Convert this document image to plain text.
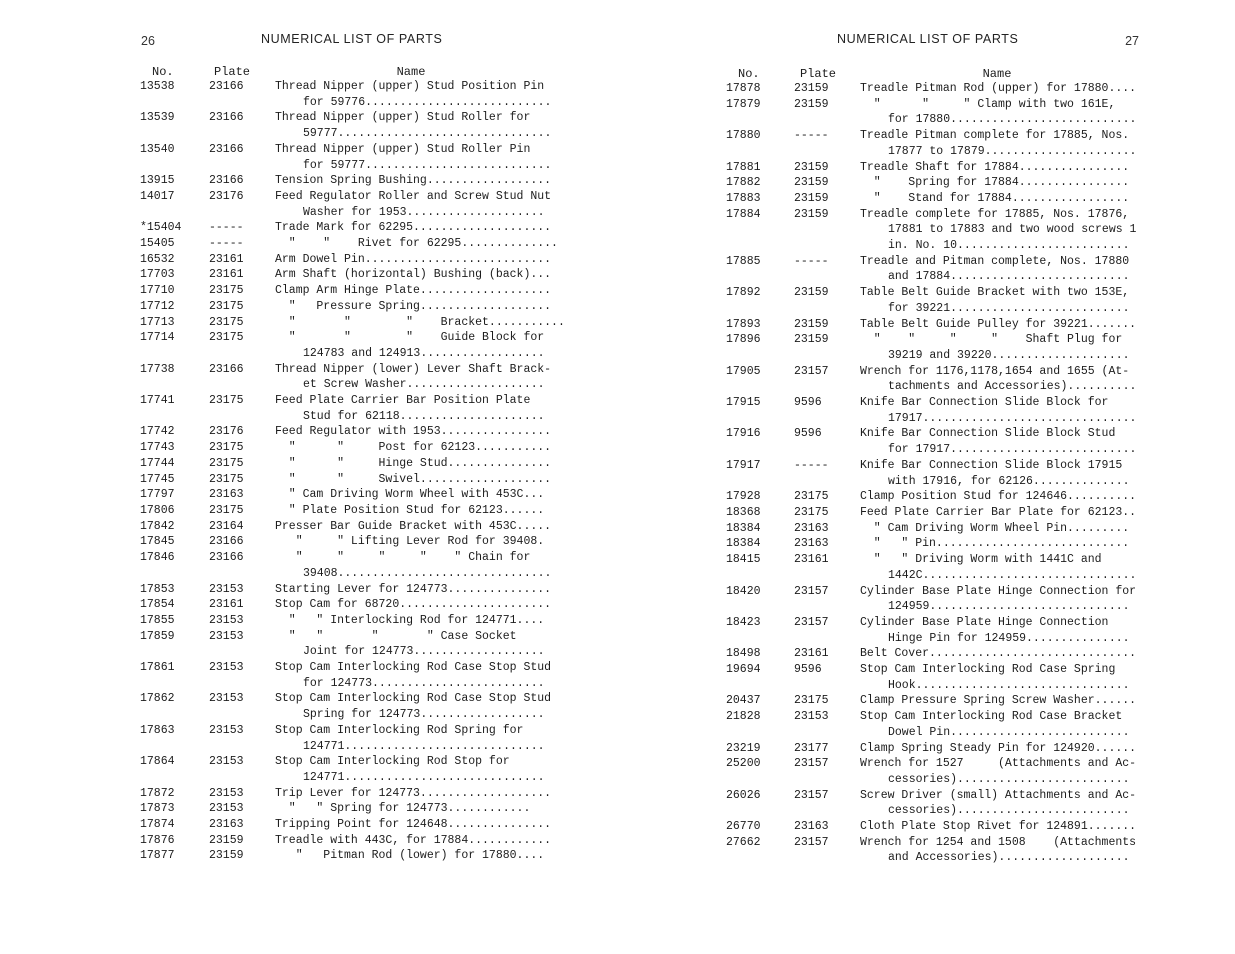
26	NUMERICAL LIST OF PARTS
No.	Plate	Name
13538	23166	Thread Nipper (upper) Stud Position Pin
for 59776...........................
13539	23166	Thread Nipper (upper) Stud Roller for
59777...............................
13540	23166	Thread Nipper (upper) Stud Roller Pin
for 59777...........................
13915	23166	Tension Spring Bushing..................
14017	23176	Feed Regulator Roller and Screw Stud Nut
Washer for 1953....................
*15404	-----	Trade Mark for 62295....................
15405	-----	"    "    Rivet for 62295..............
16532	23161	Arm Dowel Pin...........................
17703	23161	Arm Shaft (horizontal) Bushing (back)...
17710	23175	Clamp Arm Hinge Plate...................
17712	23175	"   Pressure Spring...................
17713	23175	"       "        "    Bracket...........
17714	23175	"       "        "    Guide Block for
124783 and 124913..................
17738	23166	Thread Nipper (lower) Lever Shaft Brack-
et Screw Washer....................
17741	23175	Feed Plate Carrier Bar Position Plate
Stud for 62118.....................
17742	23176	Feed Regulator with 1953................
17743	23175	"      "     Post for 62123...........
17744	23175	"      "     Hinge Stud...............
17745	23175	"      "     Swivel...................
17797	23163	" Cam Driving Worm Wheel with 453C...
17806	23175	" Plate Position Stud for 62123......
17842	23164	Presser Bar Guide Bracket with 453C.....
17845	23166	"     " Lifting Lever Rod for 39408.
17846	23166	"     "     "     "    " Chain for
39408...............................
17853	23153	Starting Lever for 124773...............
17854	23161	Stop Cam for 68720......................
17855	23153	"   " Interlocking Rod for 124771....
17859	23153	"   "       "       " Case Socket
Joint for 124773...................
17861	23153	Stop Cam Interlocking Rod Case Stop Stud
for 124773.........................
17862	23153	Stop Cam Interlocking Rod Case Stop Stud
Spring for 124773..................
17863	23153	Stop Cam Interlocking Rod Spring for
124771.............................
17864	23153	Stop Cam Interlocking Rod Stop for
124771.............................
17872	23153	Trip Lever for 124773...................
17873	23153	"   " Spring for 124773............
17874	23163	Tripping Point for 124648...............
17876	23159	Treadle with 443C, for 17884............
17877	23159	"   Pitman Rod (lower) for 17880....
NUMERICAL LIST OF PARTS	27
No.	Plate	Name
17878	23159	Treadle Pitman Rod (upper) for 17880....
17879	23159	"      "     " Clamp with two 161E,
for 17880...........................
17880	-----	Treadle Pitman complete for 17885, Nos.
17877 to 17879......................
17881	23159	Treadle Shaft for 17884................
17882	23159	"    Spring for 17884................
17883	23159	"    Stand for 17884.................
17884	23159	Treadle complete for 17885, Nos. 17876,
17881 to 17883 and two wood screws 1
in. No. 10.........................
17885	-----	Treadle and Pitman complete, Nos. 17880
and 17884..........................
17892	23159	Table Belt Guide Bracket with two 153E,
for 39221..........................
17893	23159	Table Belt Guide Pulley for 39221.......
17896	23159	"    "     "     "    Shaft Plug for
39219 and 39220....................
17905	23157	Wrench for 1176,1178,1654 and 1655 (At-
tachments and Accessories)..........
17915	9596	Knife Bar Connection Slide Block for
17917...............................
17916	9596	Knife Bar Connection Slide Block Stud
for 17917...........................
17917	-----	Knife Bar Connection Slide Block 17915
with 17916, for 62126..............
17928	23175	Clamp Position Stud for 124646..........
18368	23175	Feed Plate Carrier Bar Plate for 62123..
18384	23163	" Cam Driving Worm Wheel Pin.........
18384	23163	"   " Pin............................
18415	23161	"   " Driving Worm with 1441C and
1442C...............................
18420	23157	Cylinder Base Plate Hinge Connection for
124959.............................
18423	23157	Cylinder Base Plate Hinge Connection
Hinge Pin for 124959...............
18498	23161	Belt Cover..............................
19694	9596	Stop Cam Interlocking Rod Case Spring
Hook...............................
20437	23175	Clamp Pressure Spring Screw Washer......
21828	23153	Stop Cam Interlocking Rod Case Bracket
Dowel Pin..........................
23219	23177	Clamp Spring Steady Pin for 124920......
25200	23157	Wrench for 1527     (Attachments and Ac-
cessories).........................
26026	23157	Screw Driver (small) Attachments and Ac-
cessories).........................
26770	23163	Cloth Plate Stop Rivet for 124891.......
27662	23157	Wrench for 1254 and 1508    (Attachments
and Accessories)...................
